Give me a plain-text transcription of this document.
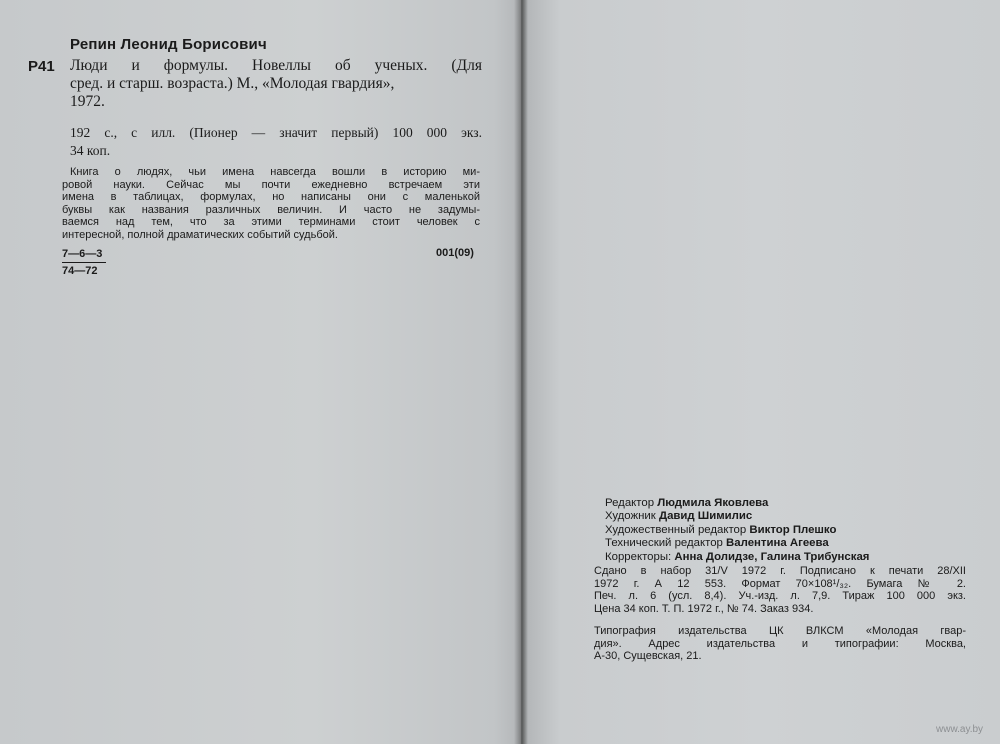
Репин Леонид Борисович
Р41 Люди и формулы. Новеллы об ученых. (Для
сред. и старш. возраста.) М., «Молодая гвардия»,
1972.
192 с., с илл. (Пионер — значит первый) 100 000 экз.
34 коп.
Книга о людях, чьи имена навсегда вошли в историю ми-
ровой науки. Сейчас мы почти ежедневно встречаем эти
имена в таблицах, формулах, но написаны они с маленькой
буквы как названия различных величин. И часто не задумы-
ваемся над тем, что за этими терминами стоит человек с
интересной, полной драматических событий судьбой.
$\frac{7—6—3}{74—72}$	001(09)
Редактор Людмила Яковлева
Художник Давид Шимилис
Художественный редактор Виктор Плешко
Технический редактор Валентина Агеева
Корректоры: Анна Долидзе, Галина Трибунская
Сдано в набор 31/V 1972 г. Подписано к печати 28/XII
1972 г. А 12 553. Формат 70×108¹/₃₂. Бумага № 2.
Печ. л. 6 (усл. 8,4). Уч.-изд. л. 7,9. Тираж 100 000 экз.
Цена 34 коп. Т. П. 1972 г., № 74. Заказ 934.
Типография издательства ЦК ВЛКСМ «Молодая гвар-
дия». Адрес издательства и типографии: Москва,
А-30, Сущевская, 21.
www.ay.by
